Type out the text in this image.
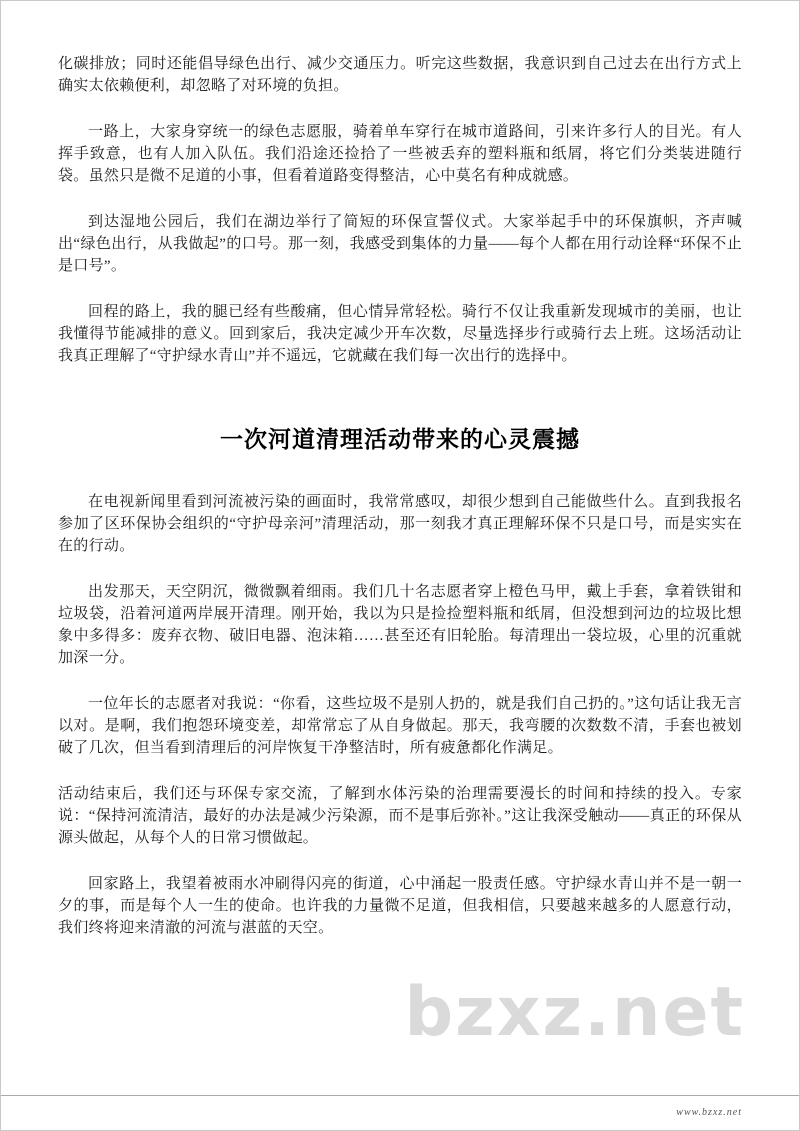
化碳排放；同时还能倡导绿色出行、减少交通压力。听完这些数据，我意识到自己过去在出行方式上确实太依赖便利，却忽略了对环境的负担。

一路上，大家身穿统一的绿色志愿服，骑着单车穿行在城市道路间，引来许多行人的目光。有人挥手致意，也有人加入队伍。我们沿途还捡拾了一些被丢弃的塑料瓶和纸屑，将它们分类装进随行袋。虽然只是微不足道的小事，但看着道路变得整洁，心中莫名有种成就感。

到达湿地公园后，我们在湖边举行了简短的环保宣誓仪式。大家举起手中的环保旗帜，齐声喊出“绿色出行，从我做起”的口号。那一刻，我感受到集体的力量——每个人都在用行动诠释“环保不止是口号”。

回程的路上，我的腿已经有些酸痛，但心情异常轻松。骑行不仅让我重新发现城市的美丽，也让我懂得节能减排的意义。回到家后，我决定减少开车次数，尽量选择步行或骑行去上班。这场活动让我真正理解了“守护绿水青山”并不遥远，它就藏在我们每一次出行的选择中。

一次河道清理活动带来的心灵震撼

在电视新闻里看到河流被污染的画面时，我常常感叹，却很少想到自己能做些什么。直到我报名参加了区环保协会组织的“守护母亲河”清理活动，那一刻我才真正理解环保不只是口号，而是实实在在的行动。

出发那天，天空阴沉，微微飘着细雨。我们几十名志愿者穿上橙色马甲，戴上手套，拿着铁钳和垃圾袋，沿着河道两岸展开清理。刚开始，我以为只是捡捡塑料瓶和纸屑，但没想到河边的垃圾比想象中多得多：废弃衣物、破旧电器、泡沫箱……甚至还有旧轮胎。每清理出一袋垃圾，心里的沉重就加深一分。

一位年长的志愿者对我说：“你看，这些垃圾不是别人扔的，就是我们自己扔的。”这句话让我无言以对。是啊，我们抱怨环境变差，却常常忘了从自身做起。那天，我弯腰的次数数不清，手套也被划破了几次，但当看到清理后的河岸恢复干净整洁时，所有疲惫都化作满足。

活动结束后，我们还与环保专家交流，了解到水体污染的治理需要漫长的时间和持续的投入。专家说：“保持河流清洁，最好的办法是减少污染源，而不是事后弥补。”这让我深受触动——真正的环保从源头做起，从每个人的日常习惯做起。

回家路上，我望着被雨水冲刷得闪亮的街道，心中涌起一股责任感。守护绿水青山并不是一朝一夕的事，而是每个人一生的使命。也许我的力量微不足道，但我相信，只要越来越多的人愿意行动，我们终将迎来清澈的河流与湛蓝的天空。

bzxz.net
www.bzxz.net
